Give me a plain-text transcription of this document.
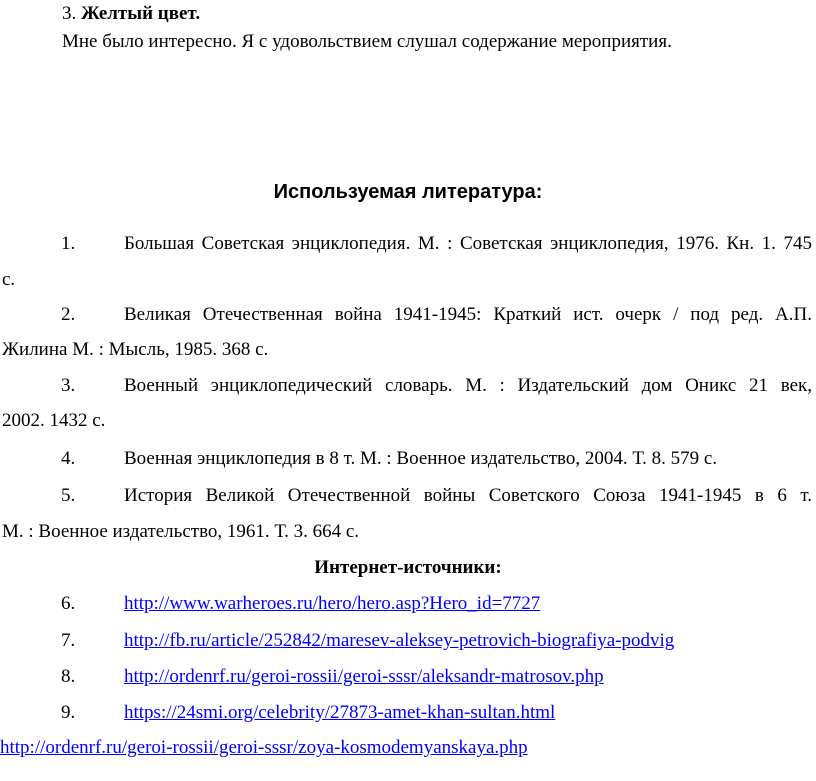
3. Желтый цвет.
Мне было интересно. Я с удовольствием слушал содержание мероприятия.
Используемая литература:
1.	Большая Советская энциклопедия. М. : Советская энциклопедия, 1976. Кн. 1. 745
с.
2.	Великая Отечественная война 1941-1945: Краткий ист. очерк / под ред. А.П.
Жилина М. : Мысль, 1985. 368 с.
3.	Военный энциклопедический словарь. М. : Издательский дом Оникс 21 век,
2002. 1432 с.
4.	Военная энциклопедия в 8 т. М. : Военное издательство, 2004. Т. 8. 579 с.
5.	История Великой Отечественной войны Советского Союза 1941-1945 в 6 т.
М. : Военное издательство, 1961. Т. 3. 664 с.
Интернет-источники:
6.	http://www.warheroes.ru/hero/hero.asp?Hero_id=7727
7.	http://fb.ru/article/252842/maresev-aleksey-petrovich-biografiya-podvig
8.	http://ordenrf.ru/geroi-rossii/geroi-sssr/aleksandr-matrosov.php
9.	https://24smi.org/celebrity/27873-amet-khan-sultan.html
http://ordenrf.ru/geroi-rossii/geroi-sssr/zoya-kosmodemyanskaya.php
